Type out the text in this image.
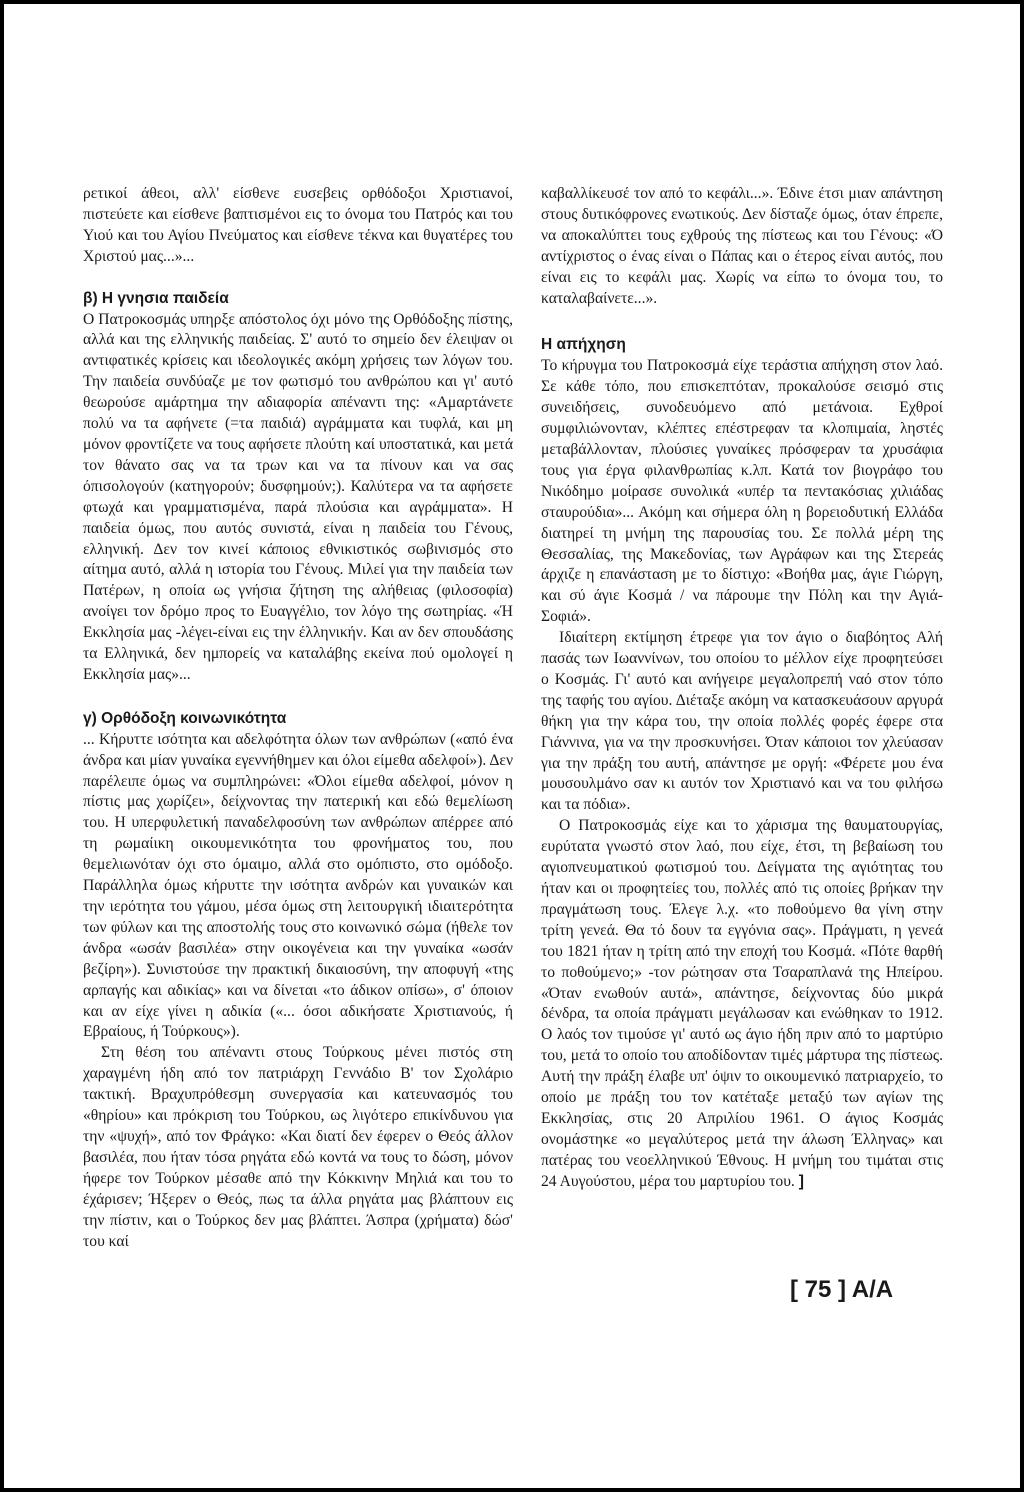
ρετικοί άθεοι, αλλ' είσθενε ευσεβεις ορθόδοξοι Χριστιανοί, πιστεύετε και είσθενε βαπτισμένοι εις το όνομα του Πατρός και του Υιού και του Αγίου Πνεύματος και είσθενε τέκνα και θυγατέρες του Χριστού μας...»...

β) Η γνησια παιδεία

Ο Πατροκοσμάς υπηρξε απόστολος όχι μόνο της Ορθόδοξης πίστης, αλλά και της ελληνικής παιδείας. Σ' αυτό το σημείο δεν έλειψαν οι αντιφατικές κρίσεις και ιδεολογικές ακόμη χρήσεις των λόγων του. Την παιδεία συνδύαζε με τον φωτισμό του ανθρώπου και γι' αυτό θεωρούσε αμάρτημα την αδιαφορία απέναντι της: «Αμαρτάνετε πολύ να τα αφήνετε (=τα παιδιά) αγράμματα και τυφλά, και μη μόνον φροντίζετε να τους αφήσετε πλούτη καί υποστατικά, και μετά τον θάνατο σας να τα τρων και να τα πίνουν και να σας όπισολογούν (κατηγορούν; δυσφημούν;). Καλύτερα να τα αφήσετε φτωχά και γραμματισμένα, παρά πλούσια και αγράμματα». Η παιδεία όμως, που αυτός συνιστά, είναι η παιδεία του Γένους, ελληνική. Δεν τον κινεί κάποιος εθνικιστικός σωβινισμός στο αίτημα αυτό, αλλά η ιστορία του Γένους. Μιλεί για την παιδεία των Πατέρων, η οποία ως γνήσια ζήτηση της αλήθειας (φιλοσοφία) ανοίγει τον δρόμο προς το Ευαγγέλιο, τον λόγο της σωτηρίας. «Ή Εκκλησία μας -λέγει-είναι εις την έλληνικήν. Και αν δεν σπουδάσης τα Ελληνικά, δεν ημπορείς να καταλάβης εκείνα πού ομολογεί η Εκκλησία μας»...

γ) Ορθόδοξη κοινωνικότητα

... Κήρυττε ισότητα και αδελφότητα όλων των ανθρώπων («από ένα άνδρα και μίαν γυναίκα εγεννήθημεν και όλοι είμεθα αδελφοί»). Δεν παρέλειπε όμως να συμπληρώνει: «Όλοι είμεθα αδελφοί, μόνον η πίστις μας χωρίζει», δείχνοντας την πατερική και εδώ θεμελίωση του. Η υπερφυλετική παναδελφοσύνη των ανθρώπων απέρρεε από τη ρωμαίικη οικουμενικότητα του φρονήματος του, που θεμελιωνόταν όχι στο όμαιμο, αλλά στο ομόπιστο, στο ομόδοξο. Παράλληλα όμως κήρυττε την ισότητα ανδρών και γυναικών και την ιερότητα του γάμου, μέσα όμως στη λειτουργική ιδιαιτερότητα των φύλων και της αποστολής τους στο κοινωνικό σώμα (ήθελε τον άνδρα «ωσάν βασιλέα» στην οικογένεια και την γυναίκα «ωσάν βεζίρη»). Συνιστούσε την πρακτική δικαιοσύνη, την αποφυγή «της αρπαγής και αδικίας» και να δίνεται «το άδικον οπίσω», σ' όποιον και αν είχε γίνει η αδικία («... όσοι αδικήσατε Χριστιανούς, ή Εβραίους, ή Τούρκους»).

Στη θέση του απέναντι στους Τούρκους μένει πιστός στη χαραγμένη ήδη από τον πατριάρχη Γεννάδιο Β' τον Σχολάριο τακτική. Βραχυπρόθεσμη συνεργασία και κατευνασμός του «θηρίου» και πρόκριση του Τούρκου, ως λιγότερο επικίνδυνου για την «ψυχή», από τον Φράγκο: «Και διατί δεν έφερεν ο Θεός άλλον βασιλέα, που ήταν τόσα ρηγάτα εδώ κοντά να τους το δώση, μόνον ήφερε τον Τούρκον μέσαθε από την Κόκκινην Μηλιά και του το έχάρισεν; Ήξερεν ο Θεός, πως τα άλλα ρηγάτα μας βλάπτουν εις την πίστιν, και ο Τούρκος δεν μας βλάπτει. Άσπρα (χρήματα) δώσ' του καί

καβαλλίκευσέ τον από το κεφάλι...». Έδινε έτσι μιαν απάντηση στους δυτικόφρονες ενωτικούς. Δεν δίσταζε όμως, όταν έπρεπε, να αποκαλύπτει τους εχθρούς της πίστεως και του Γένους: «Ό αντίχριστος ο ένας είναι ο Πάπας και ο έτερος είναι αυτός, που είναι εις το κεφάλι μας. Χωρίς να είπω το όνομα του, το καταλαβαίνετε...».

Η απήχηση

Το κήρυγμα του Πατροκοσμά είχε τεράστια απήχηση στον λαό. Σε κάθε τόπο, που επισκεπτόταν, προκαλούσε σεισμό στις συνειδήσεις, συνοδευόμενο από μετάνοια. Εχθροί συμφιλιώνονταν, κλέπτες επέστρεφαν τα κλοπιμαία, ληστές μεταβάλλονταν, πλούσιες γυναίκες πρόσφεραν τα χρυσάφια τους για έργα φιλανθρωπίας κ.λπ. Κατά τον βιογράφο του Νικόδημο μοίρασε συνολικά «υπέρ τα πεντακόσιας χιλιάδας σταυρούδια»... Ακόμη και σήμερα όλη η βορειοδυτική Ελλάδα διατηρεί τη μνήμη της παρουσίας του. Σε πολλά μέρη της Θεσσαλίας, της Μακεδονίας, των Αγράφων και της Στερεάς άρχιζε η επανάσταση με το δίστιχο: «Βοήθα μας, άγιε Γιώργη, και σύ άγιε Κοσμά / να πάρουμε την Πόλη και την Αγιά-Σοφιά».

Ιδιαίτερη εκτίμηση έτρεφε για τον άγιο ο διαβόητος Αλή πασάς των Ιωαννίνων, του οποίου το μέλλον είχε προφητεύσει ο Κοσμάς. Γι' αυτό και ανήγειρε μεγαλοπρεπή ναό στον τόπο της ταφής του αγίου. Διέταξε ακόμη να κατασκευάσουν αργυρά θήκη για την κάρα του, την οποία πολλές φορές έφερε στα Γιάννινα, για να την προσκυνήσει. Όταν κάποιοι τον χλεύασαν για την πράξη του αυτή, απάντησε με οργή: «Φέρετε μου ένα μουσουλμάνο σαν κι αυτόν τον Χριστιανό και να του φιλήσω και τα πόδια».

Ο Πατροκοσμάς είχε και το χάρισμα της θαυματουργίας, ευρύτατα γνωστό στον λαό, που είχε, έτσι, τη βεβαίωση του αγιοπνευματικού φωτισμού του. Δείγματα της αγιότητας του ήταν και οι προφητείες του, πολλές από τις οποίες βρήκαν την πραγμάτωση τους. Έλεγε λ.χ. «το ποθούμενο θα γίνη στην τρίτη γενεά. Θα τό δουν τα εγγόνια σας». Πράγματι, η γενεά του 1821 ήταν η τρίτη από την εποχή του Κοσμά. «Πότε θαρθή το ποθούμενο;» -τον ρώτησαν στα Τσαραπλανά της Ηπείρου. «Όταν ενωθούν αυτά», απάντησε, δείχνοντας δύο μικρά δένδρα, τα οποία πράγματι μεγάλωσαν και ενώθηκαν το 1912. Ο λαός τον τιμούσε γι' αυτό ως άγιο ήδη πριν από το μαρτύριο του, μετά το οποίο του αποδίδονταν τιμές μάρτυρα της πίστεως. Αυτή την πράξη έλαβε υπ' όψιν το οικουμενικό πατριαρχείο, το οποίο με πράξη του τον κατέταξε μεταξύ των αγίων της Εκκλησίας, στις 20 Απριλίου 1961. Ο άγιος Κοσμάς ονομάστηκε «ο μεγαλύτερος μετά την άλωση Έλληνας» και πατέρας του νεοελληνικού Έθνους. Η μνήμη του τιμάται στις 24 Αυγούστου, μέρα του μαρτυρίου του. ]

[ 75 ] A/A
